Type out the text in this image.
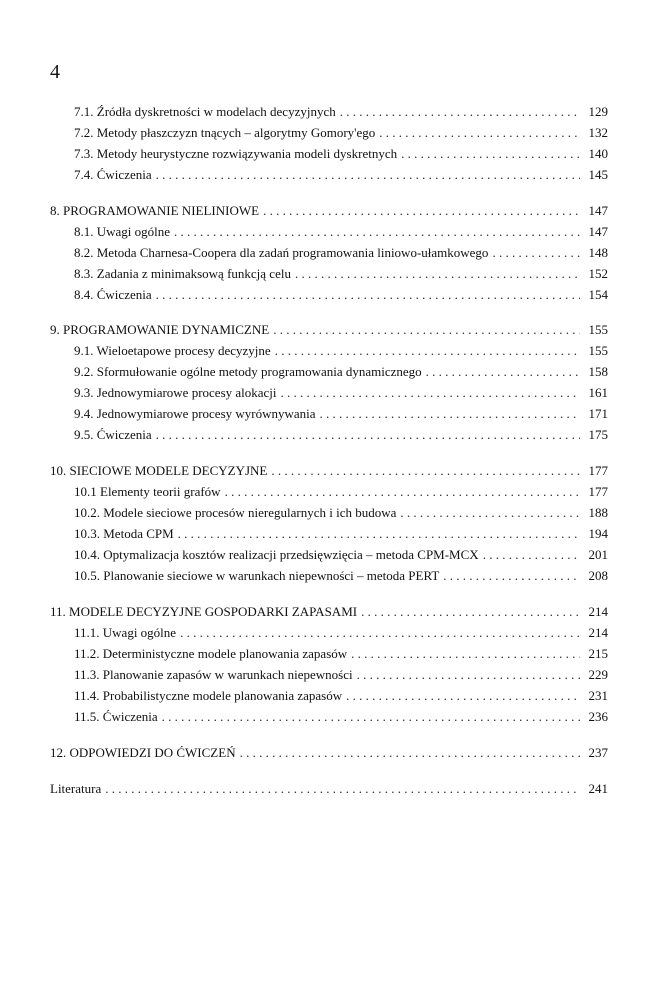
4
7.1. Źródła dyskretności w modelach decyzyjnych . . .	129
7.2. Metody płaszczyzn tnących – algorytmy Gomory'ego . . .	132
7.3. Metody heurystyczne rozwiązywania modeli dyskretnych . . .	140
7.4. Ćwiczenia . . .	145
8. PROGRAMOWANIE NIELINIOWE . . .	147
8.1. Uwagi ogólne . . .	147
8.2. Metoda Charnesa-Coopera dla zadań programowania liniowo-ułamkowego . . .	148
8.3. Zadania z minimaksową funkcją celu . . .	152
8.4. Ćwiczenia . . .	154
9. PROGRAMOWANIE DYNAMICZNE . . .	155
9.1. Wieloetapowe procesy decyzyjne . . .	155
9.2. Sformułowanie ogólne metody programowania dynamicznego . . .	158
9.3. Jednowymiarowe procesy alokacji . . .	161
9.4. Jednowymiarowe procesy wyrównywania . . .	171
9.5. Ćwiczenia . . .	175
10. SIECIOWE MODELE DECYZYJNE . . .	177
10.1 Elementy teorii grafów . . .	177
10.2. Modele sieciowe procesów nieregularnych i ich budowa . . .	188
10.3. Metoda CPM . . .	194
10.4. Optymalizacja kosztów realizacji przedsięwzięcia – metoda CPM-MCX . . .	201
10.5. Planowanie sieciowe w warunkach niepewności – metoda PERT . . .	208
11. MODELE DECYZYJNE GOSPODARKI ZAPASAMI . . .	214
11.1. Uwagi ogólne . . .	214
11.2. Deterministyczne modele planowania zapasów . . .	215
11.3. Planowanie zapasów w warunkach niepewności . . .	229
11.4. Probabilistyczne modele planowania zapasów . . .	231
11.5. Ćwiczenia . . .	236
12. ODPOWIEDZI DO ĆWICZEŃ . . .	237
Literatura . . .	241
